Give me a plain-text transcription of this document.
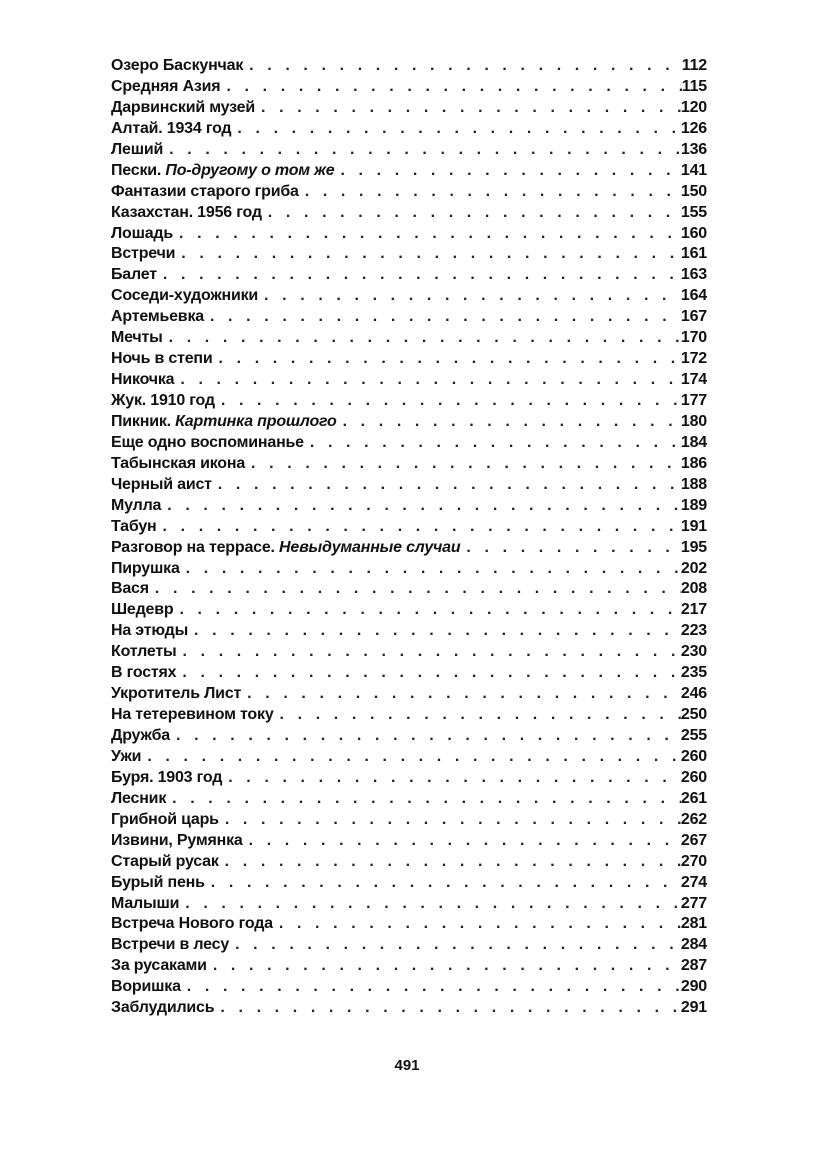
Озеро Баскунчак . . .	112
Средняя Азия . . .	115
Дарвинский музей . . .	120
Алтай. 1934 год . . .	126
Леший . . .	136
Пески. По-другому о том же . . .	141
Фантазии старого гриба . . .	150
Казахстан. 1956 год . . .	155
Лошадь . . .	160
Встречи . . .	161
Балет . . .	163
Соседи-художники . . .	164
Артемьевка . . .	167
Мечты . . .	170
Ночь в степи . . .	172
Никочка . . .	174
Жук. 1910 год . . .	177
Пикник. Картинка прошлого . . .	180
Еще одно воспоминанье . . .	184
Табынская икона . . .	186
Черный аист . . .	188
Мулла . . .	189
Табун . . .	191
Разговор на террасе. Невыдуманные случаи . . .	195
Пирушка . . .	202
Вася . . .	208
Шедевр . . .	217
На этюды . . .	223
Котлеты . . .	230
В гостях . . .	235
Укротитель Лист . . .	246
На тетеревином току . . .	250
Дружба . . .	255
Ужи . . .	260
Буря. 1903 год . . .	260
Лесник . . .	261
Грибной царь . . .	262
Извини, Румянка . . .	267
Старый русак . . .	270
Бурый пень . . .	274
Малыши . . .	277
Встреча Нового года . . .	281
Встречи в лесу . . .	284
За русаками . . .	287
Воришка . . .	290
Заблудились . . .	291
491
